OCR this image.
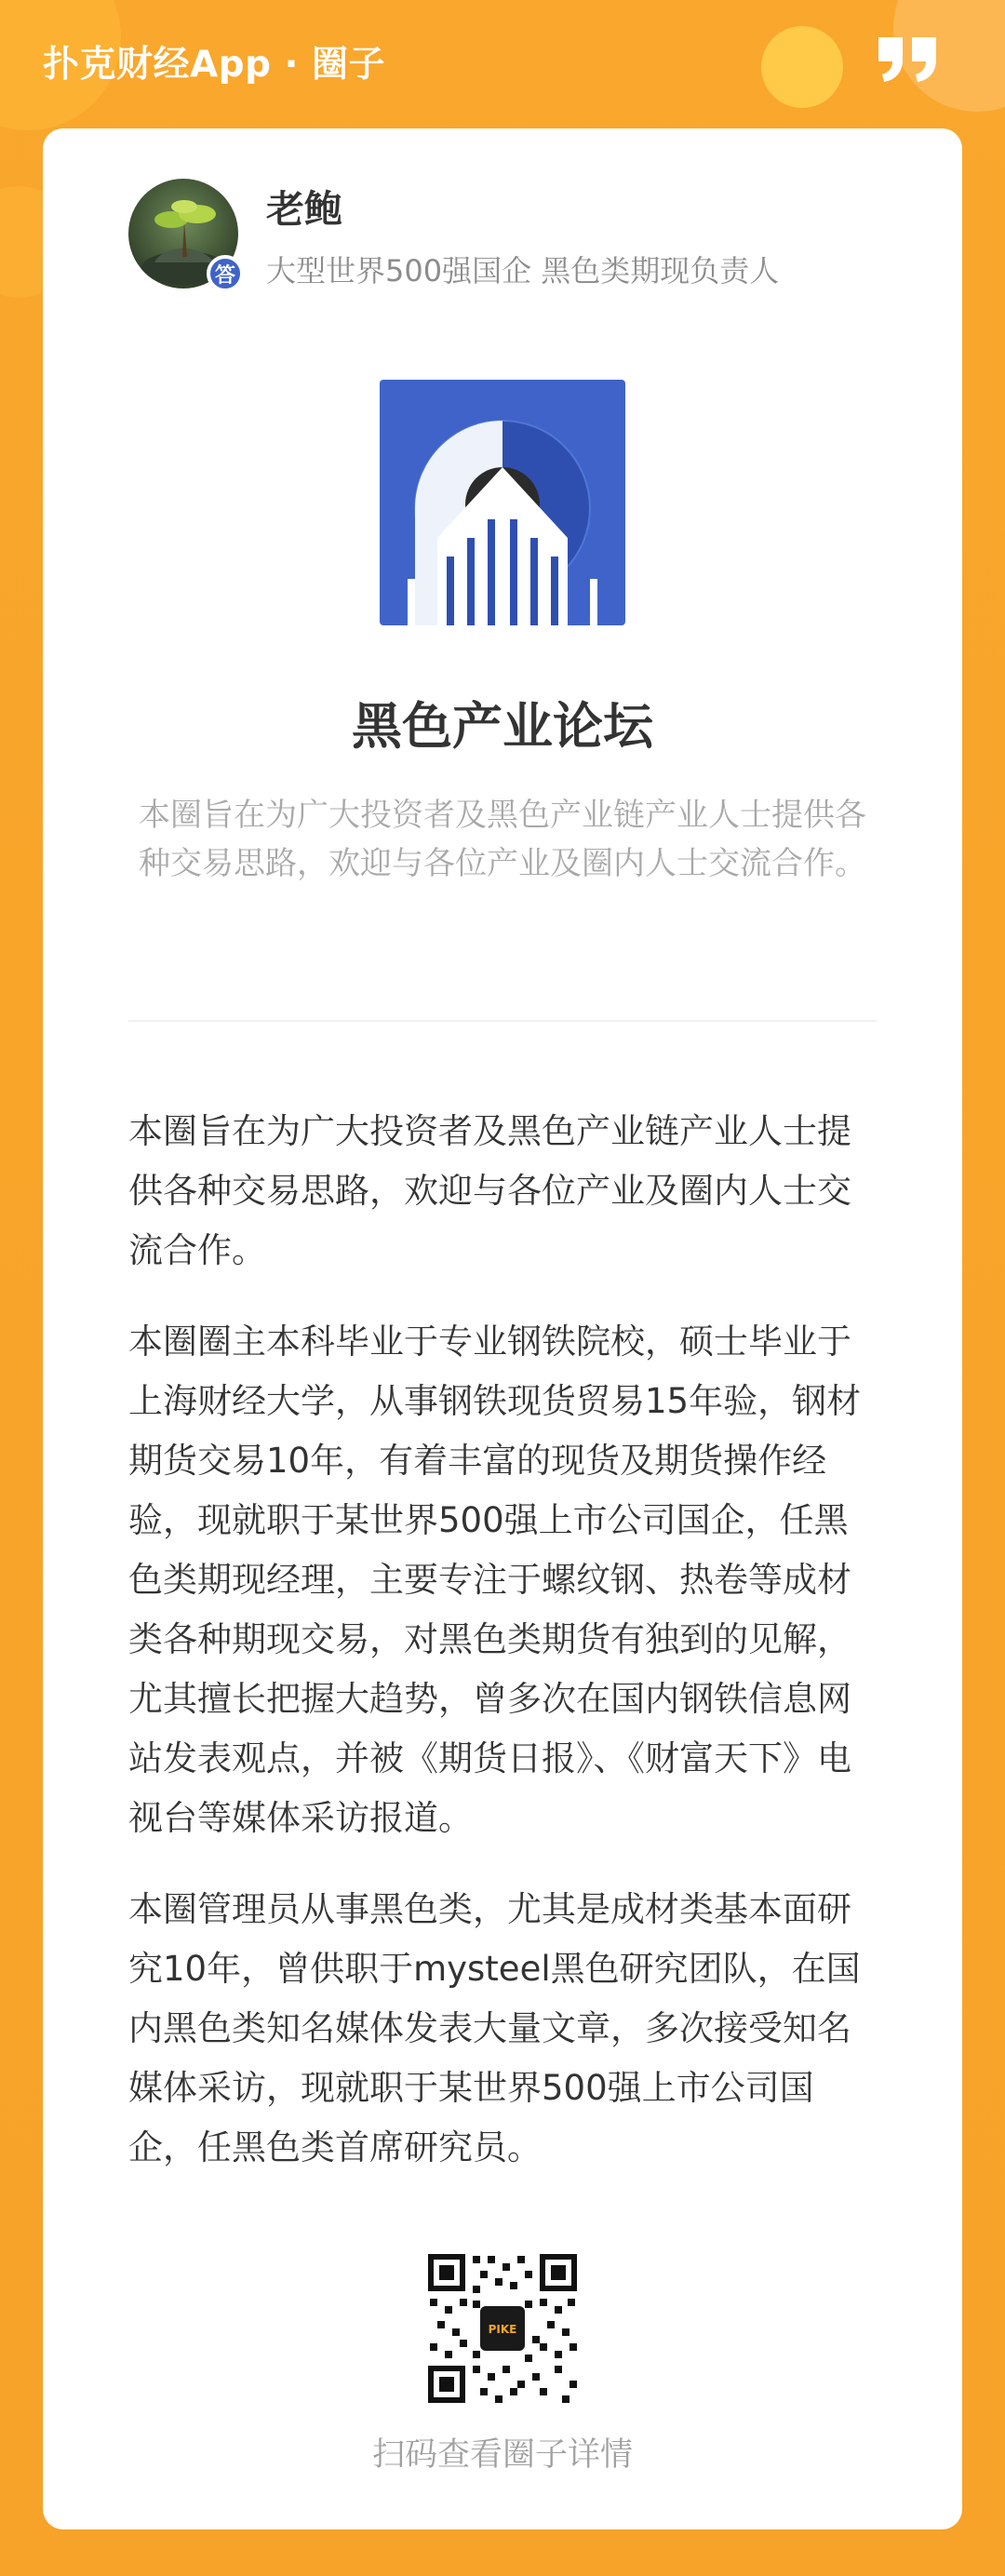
扑克财经App · 圈子
答
老鲍
大型世界500强国企 黑色类期现负责人
黑色产业论坛
本圈旨在为广大投资者及黑色产业链产业人士提供各种交易思路，欢迎与各位产业及圈内人士交流合作。

本圈旨在为广大投资者及黑色产业链产业人士提供各种交易思路，欢迎与各位产业及圈内人士交流合作。

本圈圈主本科毕业于专业钢铁院校，硕士毕业于上海财经大学，从事钢铁现货贸易15年验，钢材期货交易10年，有着丰富的现货及期货操作经验，现就职于某世界500强上市公司国企，任黑色类期现经理，主要专注于螺纹钢、热卷等成材类各种期现交易，对黑色类期货有独到的见解，尤其擅长把握大趋势，曾多次在国内钢铁信息网站发表观点，并被《期货日报》、《财富天下》电视台等媒体采访报道。

本圈管理员从事黑色类，尤其是成材类基本面研究10年，曾供职于mysteel黑色研究团队，在国内黑色类知名媒体发表大量文章，多次接受知名媒体采访，现就职于某世界500强上市公司国企，任黑色类首席研究员。

PIKE
扫码查看圈子详情
